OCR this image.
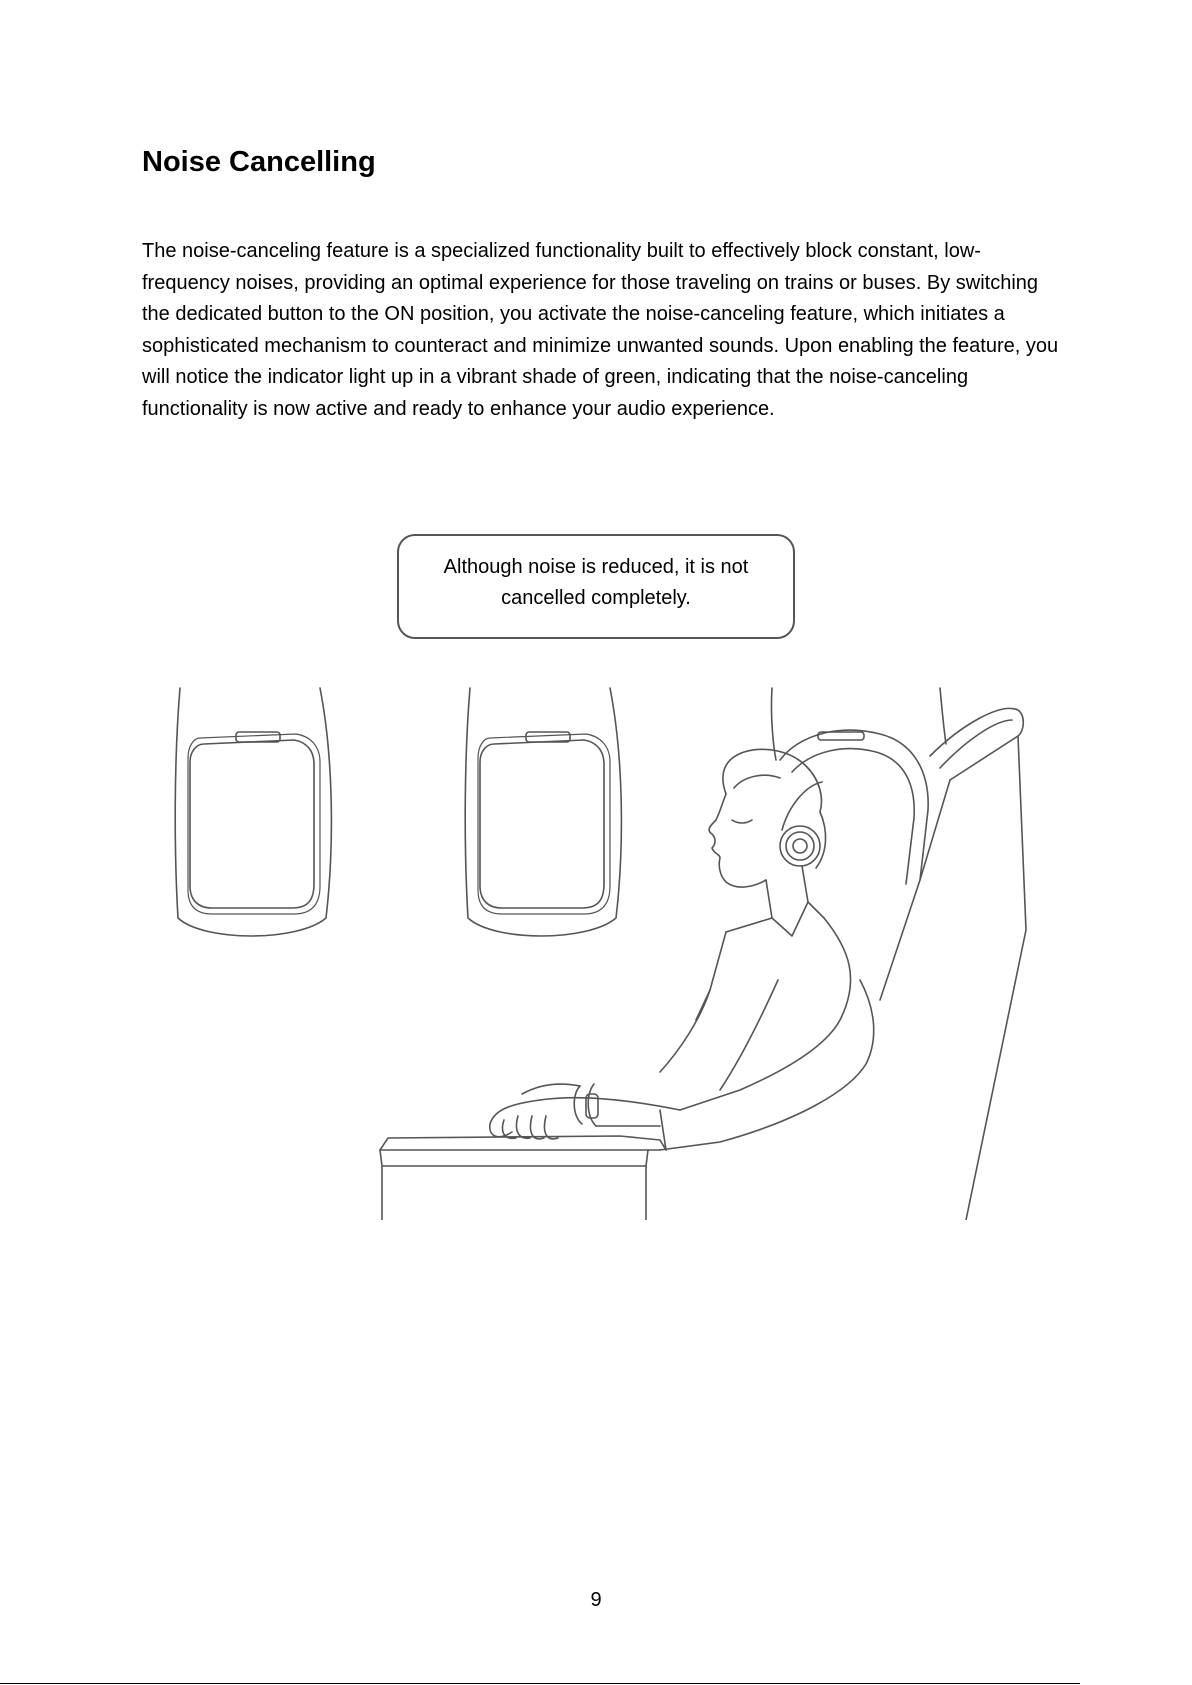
Noise Cancelling

The noise-canceling feature is a specialized functionality built to effectively block constant, low-frequency noises, providing an optimal experience for those traveling on trains or buses. By switching the dedicated button to the ON position, you activate the noise-canceling feature, which initiates a sophisticated mechanism to counteract and minimize unwanted sounds. Upon enabling the feature, you will notice the indicator light up in a vibrant shade of green, indicating that the noise-canceling functionality is now active and ready to enhance your audio experience.

Although noise is reduced, it is not cancelled completely.
9
